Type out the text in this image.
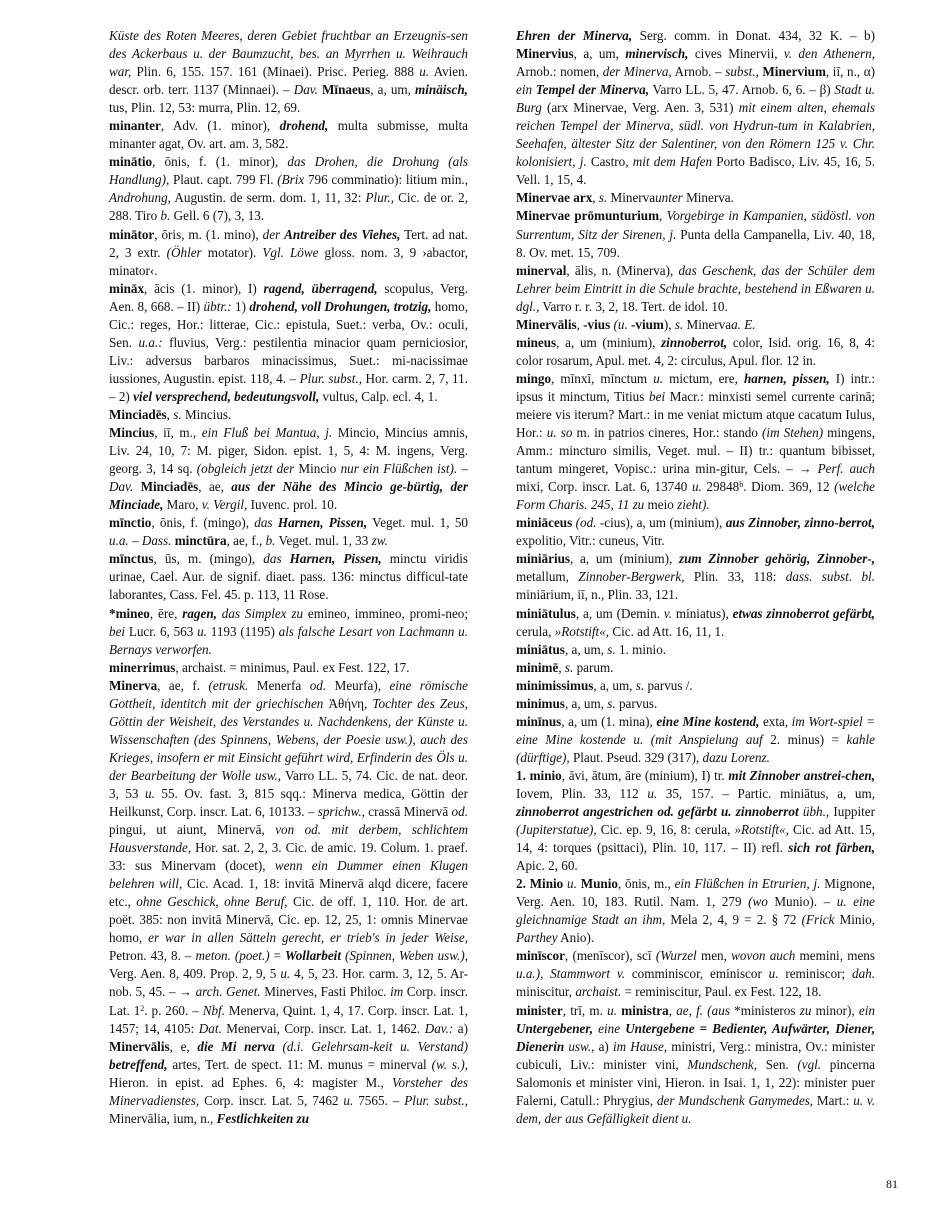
Küste des Roten Meeres, deren Gebiet fruchtbar an Erzeugnis-sen des Ackerbaus u. der Baumzucht, bes. an Myrrhen u. Weihrauch war, Plin. 6, 155. 157. 161 (Minaei). Prisc. Perieg. 888 u. Avien. descr. orb. terr. 1137 (Minnaei). – Dav. Mīnaeus, a, um, minäisch, tus, Plin. 12, 53: murra, Plin. 12, 69.

minanter, Adv. (1. minor), drohend, multa submisse, multa minanter agat, Ov. art. am. 3, 582.

minātio, ōnis, f. (1. minor), das Drohen, die Drohung (als Handlung), Plaut. capt. 799 Fl. (Brix 796 comminatio): litium min., Androhung, Augustin. de serm. dom. 1, 11, 32: Plur., Cic. de or. 2, 288. Tiro b. Gell. 6 (7), 3, 13.

minātor, ōris, m. (1. mino), der Antreiber des Viehes, Tert. ad nat. 2, 3 extr. (Öhler motator). Vgl. Löwe gloss. nom. 3, 9 ›abactor, minator‹.

mināx, ācis (1. minor), I) ragend, überragend, scopulus, Verg. Aen. 8, 668. – II) übtr.: 1) drohend, voll Drohungen, trotzig, homo, Cic.: reges, Hor.: litterae, Cic.: epistula, Suet.: verba, Ov.: oculi, Sen. u.a.: fluvius, Verg.: pestilentia minacior quam perniciosior, Liv.: adversus barbaros minacissimus, Suet.: mi-nacissimae iussiones, Augustin. epist. 118, 4. – Plur. subst., Hor. carm. 2, 7, 11. – 2) viel versprechend, bedeutungsvoll, vultus, Calp. ecl. 4, 1.

Minciadēs, s. Mincius.

Mincius, iī, m., ein Fluß bei Mantua, j. Mincio, Mincius amnis, Liv. 24, 10, 7: M. piger, Sidon. epist. 1, 5, 4: M. ingens, Verg. georg. 3, 14 sq. (obgleich jetzt der Mincio nur ein Flüßchen ist). – Dav. Minciadēs, ae, aus der Nähe des Mincio ge-bürtig, der Minciade, Maro, v. Vergil, Iuvenc. prol. 10.

mīnctio, ōnis, f. (mingo), das Harnen, Pissen, Veget. mul. 1, 50 u.a. – Dass. minctūra, ae, f., b. Veget. mul. 1, 33 zw.

mīnctus, ūs, m. (mingo), das Harnen, Pissen, minctu viridis urinae, Cael. Aur. de signif. diaet. pass. 136: minctus difficul-tate laborantes, Cass. Fel. 45. p. 113, 11 Rose.

*mineo, ēre, ragen, das Simplex zu emineo, immineo, promi-neo; bei Lucr. 6, 563 u. 1193 (1195) als falsche Lesart von Lachmann u. Bernays verworfen.

minerrimus, archaist. = minimus, Paul. ex Fest. 122, 17.

Minerva, ae, f. (etrusk. Menerfa od. Meurfa), eine römische Gottheit, identitch mit der griechischen Ἀθήνη, Tochter des Zeus, Göttin der Weisheit, des Verstandes u. Nachdenkens, der Künste u. Wissenschaften (des Spinnens, Webens, der Poesie usw.), auch des Krieges, insofern er mit Einsicht geführt wird, Erfinderin des Öls u. der Bearbeitung der Wolle usw., Varro LL. 5, 74. Cic. de nat. deor. 3, 53 u. 55. Ov. fast. 3, 815 sqq.: Minerva medica, Göttin der Heilkunst, Corp. inscr. Lat. 6, 10133. – sprichw., crassā Minervā od. pingui, ut aiunt, Minervā, von od. mit derbem, schlichtem Hausverstande, Hor. sat. 2, 2, 3. Cic. de amic. 19. Colum. 1. praef. 33: sus Minervam (docet), wenn ein Dummer einen Klugen belehren will, Cic. Acad. 1, 18: invitā Minervā alqd dicere, facere etc., ohne Geschick, ohne Beruf, Cic. de off. 1, 110. Hor. de art. poët. 385: non invitā Minervā, Cic. ep. 12, 25, 1: omnis Minervae homo, er war in allen Sätteln gerecht, er trieb's in jeder Weise, Petron. 43, 8. – meton. (poet.) = Wollarbeit (Spinnen, Weben usw.), Verg. Aen. 8, 409. Prop. 2, 9, 5 u. 4, 5, 23. Hor. carm. 3, 12, 5. Ar-nob. 5, 45. – → arch. Genet. Minerves, Fasti Philoc. im Corp. inscr. Lat. $1^2$. p. 260. – Nbf. Menerva, Quint. 1, 4, 17. Corp. inscr. Lat. 1, 1457; 14, 4105: Dat. Menervai, Corp. inscr. Lat. 1, 1462. Dav.: a) Minervālis, e, die Mi nerva (d.i. Gelehrsam-keit u. Verstand) betreffend, artes, Tert. de spect. 11: M. munus = minerval (w. s.), Hieron. in epist. ad Ephes. 6, 4: magister M., Vorsteher des Minervadienstes, Corp. inscr. Lat. 5, 7462 u. 7565. – Plur. subst., Minervālia, ium, n., Festlichkeiten zu

Ehren der Minerva, Serg. comm. in Donat. 434, 32 K. – b) Minervius, a, um, minervisch, cives Minervii, v. den Athenern, Arnob.: nomen, der Minerva, Arnob. – subst., Minervium, iī, n., α) ein Tempel der Minerva, Varro LL. 5, 47. Arnob. 6, 6. – β) Stadt u. Burg (arx Minervae, Verg. Aen. 3, 531) mit einem alten, ehemals reichen Tempel der Minerva, südl. von Hydrun-tum in Kalabrien, Seehafen, ältester Sitz der Salentiner, von den Römern 125 v. Chr. kolonisiert, j. Castro, mit dem Hafen Porto Badisco, Liv. 45, 16, 5. Vell. 1, 15, 4.

Minervae arx, s. Minervaunter Minerva.

Minervae prōmunturium, Vorgebirge in Kampanien, südöstl. von Surrentum, Sitz der Sirenen, j. Punta della Campanella, Liv. 40, 18, 8. Ov. met. 15, 709.

minerval, ālis, n. (Minerva), das Geschenk, das der Schüler dem Lehrer beim Eintritt in die Schule brachte, bestehend in Eßwaren u. dgl., Varro r. r. 3, 2, 18. Tert. de idol. 10.

Minervālis, -vius (u. -vium), s. Minervaa. E.

mineus, a, um (minium), zinnoberrot, color, Isid. orig. 16, 8, 4: color rosarum, Apul. met. 4, 2: circulus, Apul. flor. 12 in.

mingo, mīnxī, mīnctum u. mictum, ere, harnen, pissen, I) intr.: ipsus it minctum, Titius bei Macr.: minxisti semel currente carinā; meiere vis iterum? Mart.: in me veniat mictum atque cacatum Iulus, Hor.: u. so m. in patrios cineres, Hor.: stando (im Stehen) mingens, Amm.: mincturo similis, Veget. mul. – II) tr.: quantum bibisset, tantum mingeret, Vopisc.: urina min-gitur, Cels. – → Perf. auch mixi, Corp. inscr. Lat. 6, 13740 u. 29848$^b$. Diom. 369, 12 (welche Form Charis. 245, 11 zu meio zieht).

miniāceus (od. -cius), a, um (minium), aus Zinnober, zinno-berrot, expolitio, Vitr.: cuneus, Vitr.

miniārius, a, um (minium), zum Zinnober gehörig, Zinnober-, metallum, Zinnober-Bergwerk, Plin. 33, 118: dass. subst. bl. miniārium, iī, n., Plin. 33, 121.

miniātulus, a, um (Demin. v. miniatus), etwas zinnoberrot gefärbt, cerula, »Rotstift«, Cic. ad Att. 16, 11, 1.

miniātus, a, um, s. 1. minio.

minimē, s. parum.

minimissimus, a, um, s. parvus /.

minimus, a, um, s. parvus.

minīnus, a, um (1. mina), eine Mine kostend, exta, im Wort-spiel = eine Mine kostende u. (mit Anspielung auf 2. minus) = kahle (dürftige), Plaut. Pseud. 329 (317), dazu Lorenz.

1. minio, āvi, ātum, āre (minium), I) tr. mit Zinnober anstrei-chen, Iovem, Plin. 33, 112 u. 35, 157. – Partic. miniātus, a, um, zinnoberrot angestrichen od. gefärbt u. zinnoberrot übh., Iuppiter (Jupiterstatue), Cic. ep. 9, 16, 8: cerula, »Rotstift«, Cic. ad Att. 15, 14, 4: torques (psittaci), Plin. 10, 117. – II) refl. sich rot färben, Apic. 2, 60.

2. Minio u. Munio, ōnis, m., ein Flüßchen in Etrurien, j. Mignone, Verg. Aen. 10, 183. Rutil. Nam. 1, 279 (wo Munio). – u. eine gleichnamige Stadt an ihm, Mela 2, 4, 9 = 2. § 72 (Frick Minio, Parthey Anio).

minīscor, (menīscor), scī (Wurzel men, wovon auch memini, mens u.a.), Stammwort v. comminiscor, eminiscor u. reminiscor; dah. miniscitur, archaist. = reminiscitur, Paul. ex Fest. 122, 18.

minister, trī, m. u. ministra, ae, f. (aus *ministeros zu minor), ein Untergebener, eine Untergebene = Bedienter, Aufwärter, Diener, Dienerin usw., a) im Hause, ministri, Verg.: ministra, Ov.: minister cubiculi, Liv.: minister vini, Mundschenk, Sen. (vgl. pincerna Salomonis et minister vini, Hieron. in Isai. 1, 1, 22): minister puer Falerni, Catull.: Phrygius, der Mundschenk Ganymedes, Mart.: u. v. dem, der aus Gefälligkeit dient u.

81
